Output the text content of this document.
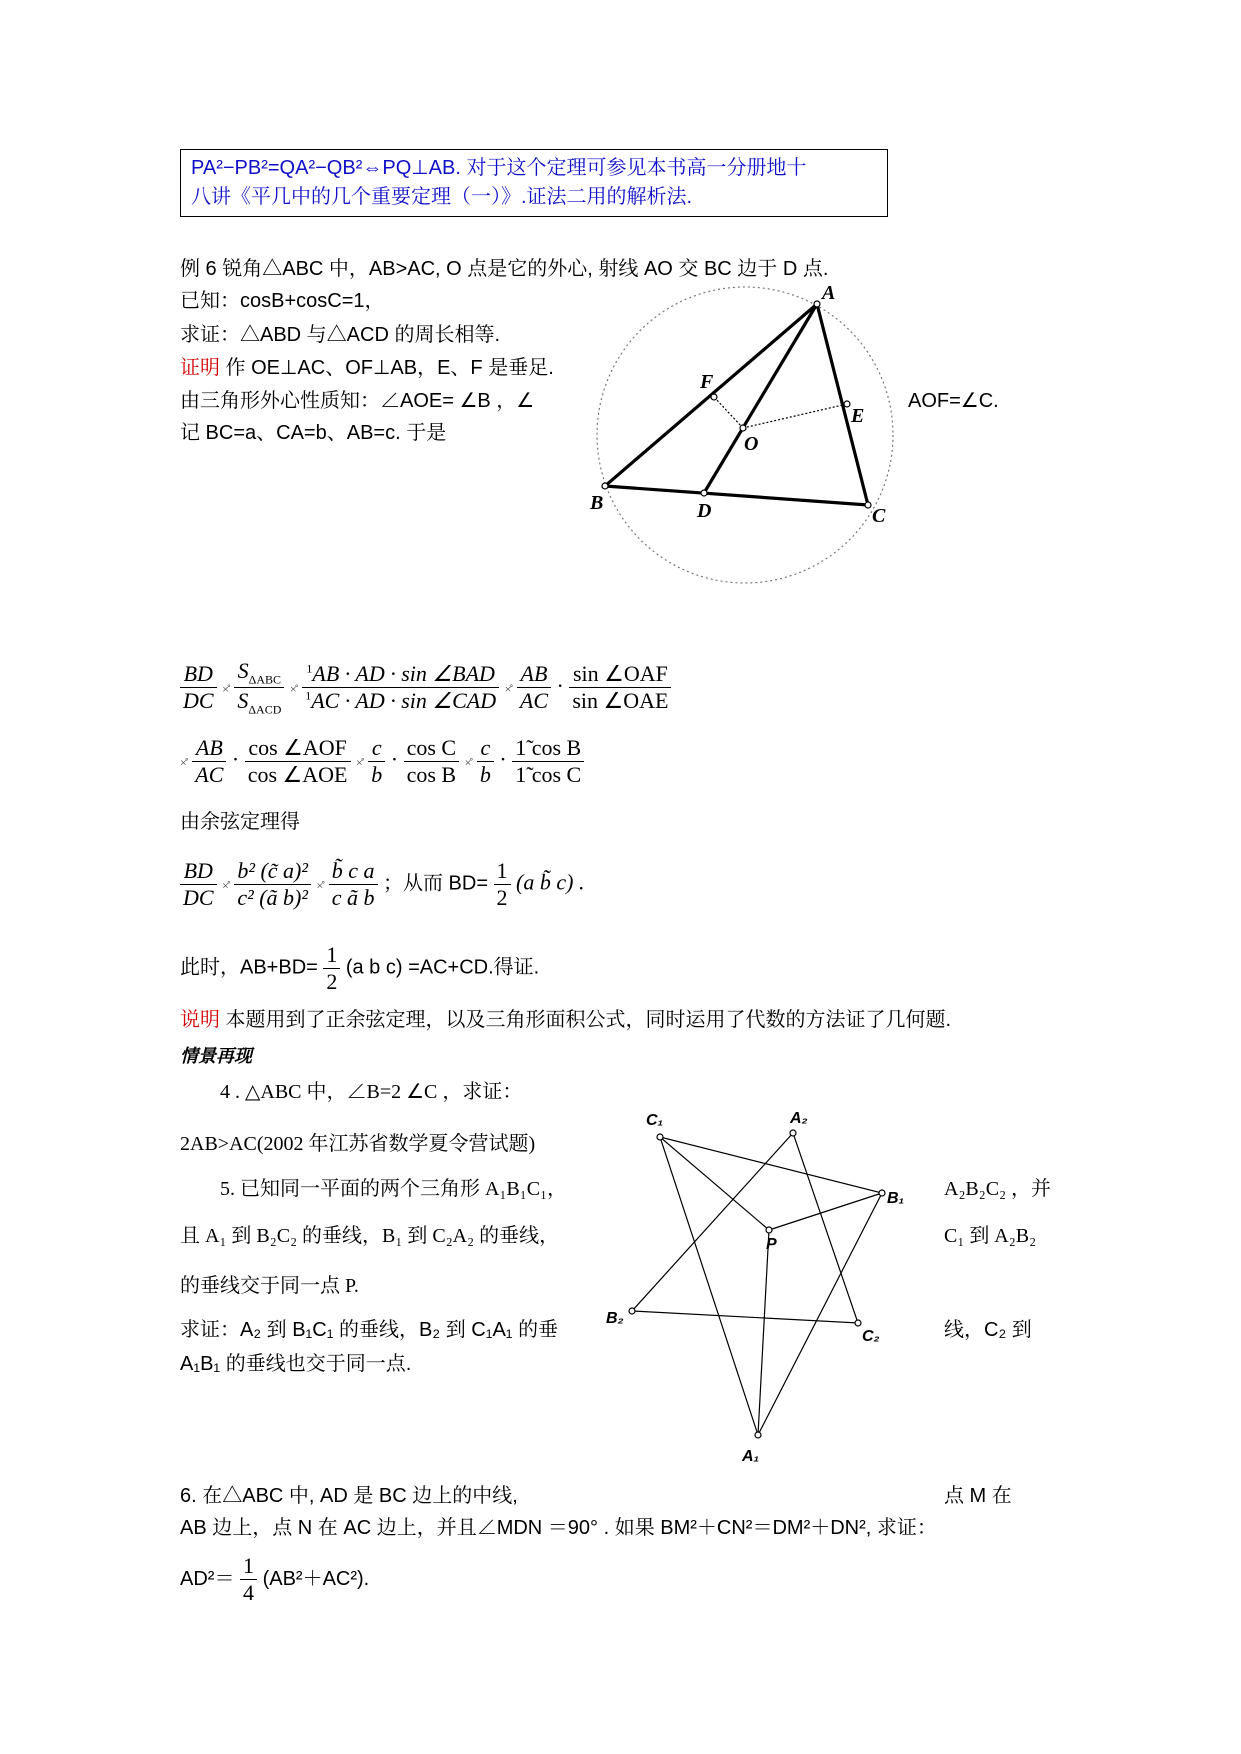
PA²−PB²=QA²−QB²⇔PQ⊥AB. 对于这个定理可参见本书高一分册地十
八讲《平几中的几个重要定理（一）》.证法二用的解析法.
例 6 锐角△ABC 中，AB>AC, O 点是它的外心, 射线 AO 交 BC 边于 D 点.
已知：cosB+cosC=1，
求证：△ABD 与△ACD 的周长相等.
证明 作 OE⊥AC、OF⊥AB，E、F 是垂足.
由三角形外心性质知：∠AOE= ∠B ，∠	AOF=∠C.
记 BC=a、CA=b、AB=c. 于是
A
B
C
D
E
F
O
$\frac{BD}{DC}$ ×̊ $\frac{S_{\Delta ABC}}{S_{\Delta ACD}}$ ×̊ $\frac{^1AB \cdot AD \cdot \sin \angle BAD}{^1AC \cdot AD \cdot \sin \angle CAD}$ ×̊ $\frac{AB}{AC} \cdot \frac{\text{sin ∠OAF}}{\text{sin ∠OAE}}$
×̊ $\frac{AB}{AC} \cdot \frac{\text{cos ∠AOF}}{\text{cos ∠AOE}}$ ×̊ $\frac{c}{b} \cdot \frac{\text{cos C}}{\text{cos B}}$ ×̊ $\frac{c}{b} \cdot \frac{\text{1̃ cos B}}{\text{1̃ cos C}}$
由余弦定理得
$\frac{BD}{DC}$ ×̊ $\frac{\text{b² (c̃ a)²}}{\text{c² (ã b)²}}$ ×̊ $\frac{\text{b̃ c a}}{\text{c ã b}}$ ；从而 $BD= \frac{1}{2} (a$ b̃ c) .
此时，$AB+BD= \frac{1}{2} (a$ b c) =AC+CD.得证.
说明 本题用到了正余弦定理，以及三角形面积公式，同时运用了代数的方法证了几何题.
情景再现
4 . △ABC 中，∠B=2 ∠C ，求证：
2AB>AC(2002 年江苏省数学夏令营试题)
5. 已知同一平面的两个三角形 A₁B₁C₁，	A₂B₂C₂ ，并
且 A₁ 到 B₂C₂ 的垂线，B₁ 到 C₂A₂ 的垂线，	C₁ 到 A₂B₂
的垂线交于同一点 P.
求证：A₂ 到 B₁C₁ 的垂线，B₂ 到 C₁A₁ 的垂	线，C₂ 到
A₁B₁ 的垂线也交于同一点.
C₁	A₂
B₁
P
B₂
C₂
A₁
6. 在△ABC 中, AD 是 BC 边上的中线,	点 M 在
AB 边上，点 N 在 AC 边上，并且∠MDN ＝90° . 如果 BM²＋CN²＝DM²＋DN², 求证：
$AD^2= \frac{1}{4} (AB^2+AC^2)$.
